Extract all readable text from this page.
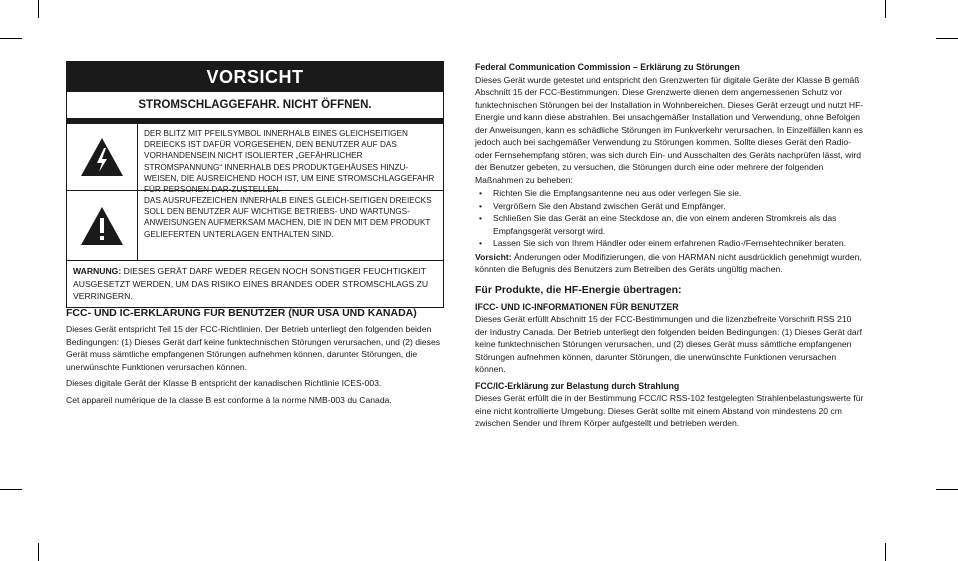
VORSICHT
STROMSCHLAGGEFAHR. NICHT ÖFFNEN.
DER BLITZ MIT PFEILSYMBOL INNERHALB EINES GLEICHSEITIGEN DREIECKS IST DAFÜR VORGESEHEN, DEN BENUTZER AUF DAS VORHANDENSEIN NICHT ISOLIERTER „GEFÄHRLICHER STROMSPANNUNG“ INNERHALB DES PRODUKTGEHÄUSES HINZU-WEISEN, DIE AUSREICHEND HOCH IST, UM EINE STROMSCHLAGGEFAHR FÜR PERSONEN DAR-ZUSTELLEN.
DAS AUSRUFEZEICHEN INNERHALB EINES GLEICH-SEITIGEN DREIECKS SOLL DEN BENUTZER AUF WICHTIGE BETRIEBS- UND WARTUNGS-ANWEISUNGEN AUFMERKSAM MACHEN, DIE IN DEN MIT DEM PRODUKT GELIEFERTEN UNTERLAGEN ENTHALTEN SIND.
WARNUNG: DIESES GERÄT DARF WEDER REGEN NOCH SONSTIGER FEUCHTIGKEIT AUSGESETZT WERDEN, UM DAS RISIKO EINES BRANDES ODER STROMSCHLAGS ZU VERRINGERN.

FCC- UND IC-ERKLÄRUNG FÜR BENUTZER (NUR USA UND KANADA)

Dieses Gerät entspricht Teil 15 der FCC-Richtlinien. Der Betrieb unterliegt den folgenden beiden Bedingungen: (1) Dieses Gerät darf keine funktechnischen Störungen verursachen, und (2) dieses Gerät muss sämtliche empfangenen Störungen aufnehmen können, darunter Störungen, die unerwünschte Funktionen verursachen können.

Dieses digitale Gerät der Klasse B entspricht der kanadischen Richtlinie ICES-003.

Cet appareil numérique de la classe B est conforme à la norme NMB-003 du Canada.

Federal Communication Commission – Erklärung zu Störungen

Dieses Gerät wurde getestet und entspricht den Grenzwerten für digitale Geräte der Klasse B gemäß Abschnitt 15 der FCC-Bestimmungen. Diese Grenzwerte dienen dem angemessenen Schutz vor funktechnischen Störungen bei der Installation in Wohnbereichen. Dieses Gerät erzeugt und nutzt HF-Energie und kann diese abstrahlen. Bei unsachgemäßer Installation und Verwendung, ohne Befolgen der Anweisungen, kann es schädliche Störungen im Funkverkehr verursachen. In Einzelfällen kann es jedoch auch bei sachgemäßer Verwendung zu Störungen kommen. Sollte dieses Gerät den Radio- oder Fernsehempfang stören, was sich durch Ein- und Ausschalten des Geräts nachprüfen lässt, wird der Benutzer gebeten, zu versuchen, die Störungen durch eine oder mehrere der folgenden Maßnahmen zu beheben:

• Richten Sie die Empfangsantenne neu aus oder verlegen Sie sie.
• Vergrößern Sie den Abstand zwischen Gerät und Empfänger.
• Schließen Sie das Gerät an eine Steckdose an, die von einem anderen Stromkreis als das Empfangsgerät versorgt wird.
• Lassen Sie sich von Ihrem Händler oder einem erfahrenen Radio-/Fernsehtechniker beraten.

Vorsicht: Änderungen oder Modifizierungen, die von HARMAN nicht ausdrücklich genehmigt wurden, könnten die Befugnis des Benutzers zum Betreiben des Geräts ungültig machen.

Für Produkte, die HF-Energie übertragen:

IFCC- UND IC-INFORMATIONEN FÜR BENUTZER

Dieses Gerät erfüllt Abschnitt 15 der FCC-Bestimmungen und die lizenzbefreite Vorschrift RSS 210 der Industry Canada. Der Betrieb unterliegt den folgenden beiden Bedingungen: (1) Dieses Gerät darf keine funktechnischen Störungen verursachen, und (2) dieses Gerät muss sämtliche empfangenen Störungen aufnehmen können, darunter Störungen, die unerwünschte Funktionen verursachen können.

FCC/IC-Erklärung zur Belastung durch Strahlung

Dieses Gerät erfüllt die in der Bestimmung FCC/IC RSS-102 festgelegten Strahlenbelastungswerte für eine nicht kontrollierte Umgebung. Dieses Gerät sollte mit einem Abstand von mindestens 20 cm zwischen Sender und Ihrem Körper aufgestellt und betrieben werden.
